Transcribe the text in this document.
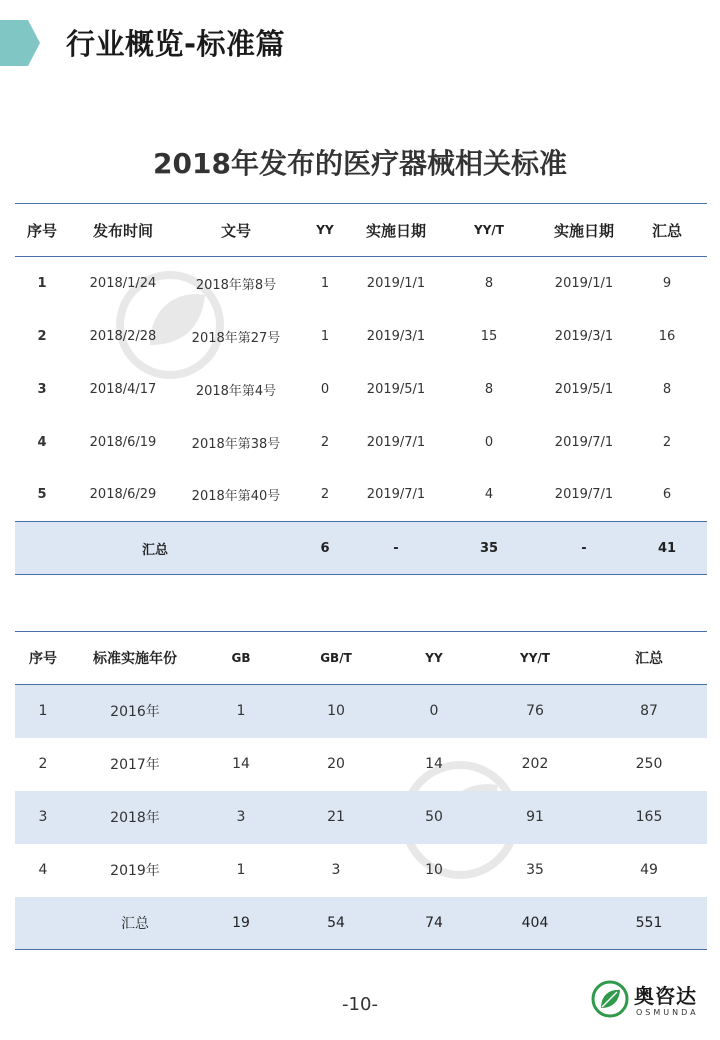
行业概览-标准篇
2018年发布的医疗器械相关标准
序号	发布时间	文号	YY	实施日期	YY/T	实施日期	汇总
1	2018/1/24	2018年第8号	1	2019/1/1	8	2019/1/1	9
2	2018/2/28	2018年第27号	1	2019/3/1	15	2019/3/1	16
3	2018/4/17	2018年第4号	0	2019/5/1	8	2019/5/1	8
4	2018/6/19	2018年第38号	2	2019/7/1	0	2019/7/1	2
5	2018/6/29	2018年第40号	2	2019/7/1	4	2019/7/1	6
汇总			6	-	35	-	41
序号	标准实施年份	GB	GB/T	YY	YY/T	汇总
1	2016年	1	10	0	76	87
2	2017年	14	20	14	202	250
3	2018年	3	21	50	91	165
4	2019年	1	3	10	35	49
	汇总	19	54	74	404	551
-10-	奥咨达
OSMUNDA
